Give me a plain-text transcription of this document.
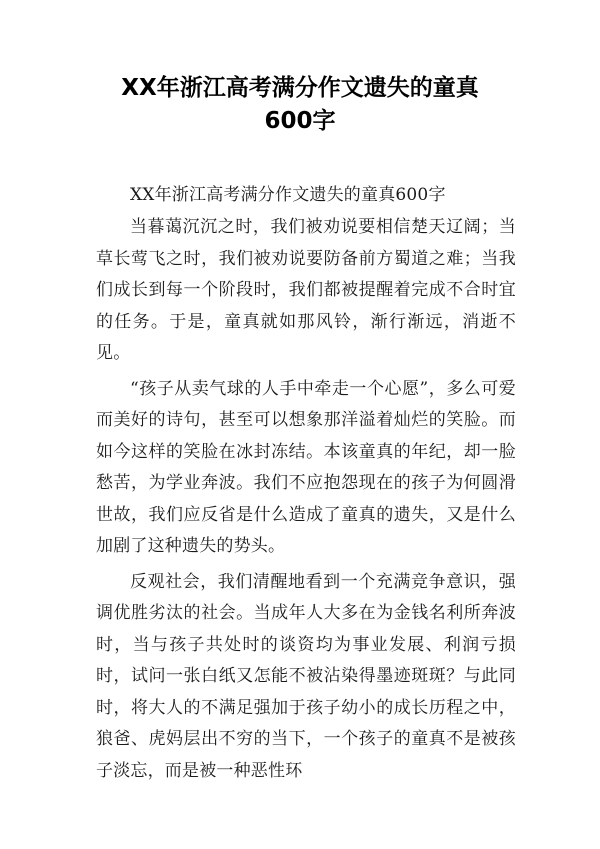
XX年浙江高考满分作文遗失的童真
600字

XX年浙江高考满分作文遗失的童真600字

当暮蔼沉沉之时，我们被劝说要相信楚天辽阔；当草长莺飞之时，我们被劝说要防备前方蜀道之难；当我们成长到每一个阶段时，我们都被提醒着完成不合时宜的任务。于是，童真就如那风铃，渐行渐远，消逝不见。

“孩子从卖气球的人手中牵走一个心愿”，多么可爱而美好的诗句，甚至可以想象那洋溢着灿烂的笑脸。而如今这样的笑脸在冰封冻结。本该童真的年纪，却一脸愁苦，为学业奔波。我们不应抱怨现在的孩子为何圆滑世故，我们应反省是什么造成了童真的遗失，又是什么加剧了这种遗失的势头。

反观社会，我们清醒地看到一个充满竞争意识，强调优胜劣汰的社会。当成年人大多在为金钱名利所奔波时，当与孩子共处时的谈资均为事业发展、利润亏损时，试问一张白纸又怎能不被沾染得墨迹斑斑？与此同时，将大人的不满足强加于孩子幼小的成长历程之中，狼爸、虎妈层出不穷的当下，一个孩子的童真不是被孩子淡忘，而是被一种恶性环
